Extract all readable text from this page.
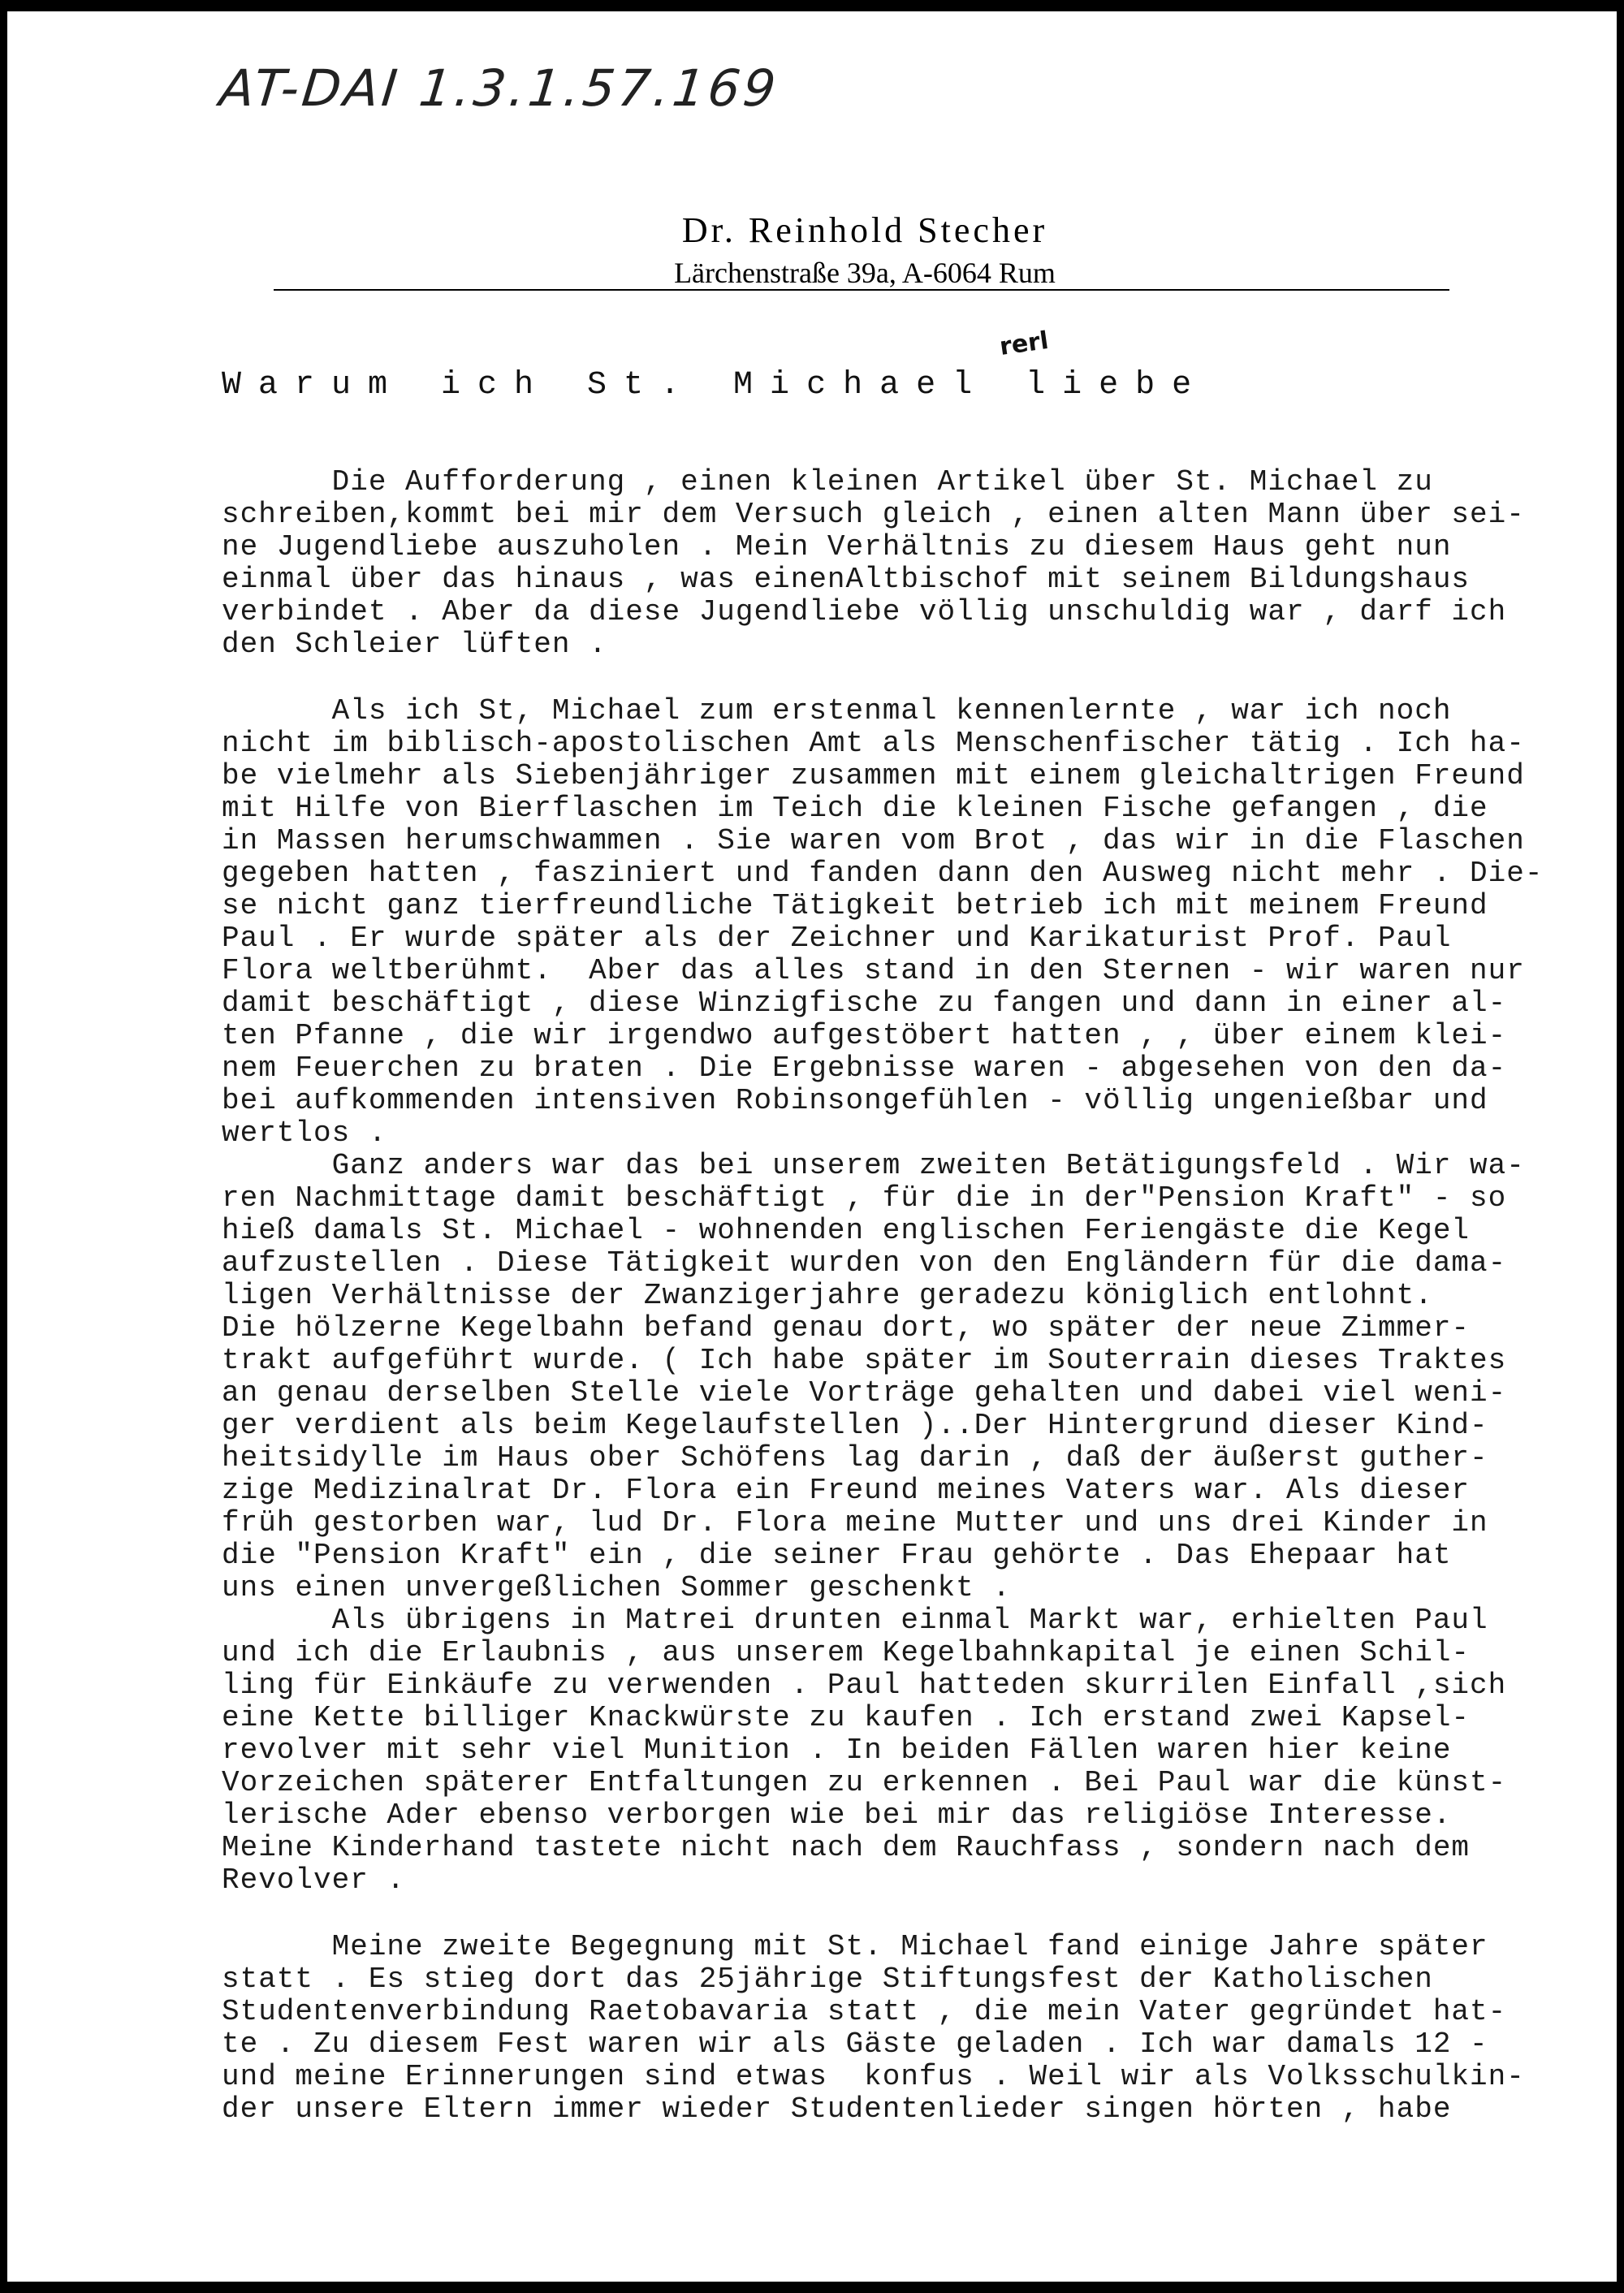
AT-DAI 1.3.1.57.169
Dr. Reinhold Stecher
Lärchenstraße 39a, A-6064 Rum
rerl
Warum ich St. Michael liebe
Die Aufforderung , einen kleinen Artikel über St. Michael zu
schreiben,kommt bei mir dem Versuch gleich , einen alten Mann über sei-
ne Jugendliebe auszuholen . Mein Verhältnis zu diesem Haus geht nun
einmal über das hinaus , was einenAltbischof mit seinem Bildungshaus
verbindet . Aber da diese Jugendliebe völlig unschuldig war , darf ich
den Schleier lüften .
Als ich St, Michael zum erstenmal kennenlernte , war ich noch
nicht im biblisch-apostolischen Amt als Menschenfischer tätig . Ich ha-
be vielmehr als Siebenjähriger zusammen mit einem gleichaltrigen Freund
mit Hilfe von Bierflaschen im Teich die kleinen Fische gefangen , die
in Massen herumschwammen . Sie waren vom Brot , das wir in die Flaschen
gegeben hatten , fasziniert und fanden dann den Ausweg nicht mehr . Die-
se nicht ganz tierfreundliche Tätigkeit betrieb ich mit meinem Freund
Paul . Er wurde später als der Zeichner und Karikaturist Prof. Paul
Flora weltberühmt.  Aber das alles stand in den Sternen - wir waren nur
damit beschäftigt , diese Winzigfische zu fangen und dann in einer al-
ten Pfanne , die wir irgendwo aufgestöbert hatten , , über einem klei-
nem Feuerchen zu braten . Die Ergebnisse waren - abgesehen von den da-
bei aufkommenden intensiven Robinsongefühlen - völlig ungenießbar und
wertlos .
Ganz anders war das bei unserem zweiten Betätigungsfeld . Wir wa-
ren Nachmittage damit beschäftigt , für die in der"Pension Kraft" - so
hieß damals St. Michael - wohnenden englischen Feriengäste die Kegel
aufzustellen . Diese Tätigkeit wurden von den Engländern für die dama-
ligen Verhältnisse der Zwanzigerjahre geradezu königlich entlohnt.
Die hölzerne Kegelbahn befand genau dort, wo später der neue Zimmer-
trakt aufgeführt wurde. ( Ich habe später im Souterrain dieses Traktes
an genau derselben Stelle viele Vorträge gehalten und dabei viel weni-
ger verdient als beim Kegelaufstellen )..Der Hintergrund dieser Kind-
heitsidylle im Haus ober Schöfens lag darin , daß der äußerst guther-
zige Medizinalrat Dr. Flora ein Freund meines Vaters war. Als dieser
früh gestorben war, lud Dr. Flora meine Mutter und uns drei Kinder in
die "Pension Kraft" ein , die seiner Frau gehörte . Das Ehepaar hat
uns einen unvergeßlichen Sommer geschenkt .
Als übrigens in Matrei drunten einmal Markt war, erhielten Paul
und ich die Erlaubnis , aus unserem Kegelbahnkapital je einen Schil-
ling für Einkäufe zu verwenden . Paul hatteden skurrilen Einfall ,sich
eine Kette billiger Knackwürste zu kaufen . Ich erstand zwei Kapsel-
revolver mit sehr viel Munition . In beiden Fällen waren hier keine
Vorzeichen späterer Entfaltungen zu erkennen . Bei Paul war die künst-
lerische Ader ebenso verborgen wie bei mir das religiöse Interesse.
Meine Kinderhand tastete nicht nach dem Rauchfass , sondern nach dem
Revolver .
Meine zweite Begegnung mit St. Michael fand einige Jahre später
statt . Es stieg dort das 25jährige Stiftungsfest der Katholischen
Studentenverbindung Raetobavaria statt , die mein Vater gegründet hat-
te . Zu diesem Fest waren wir als Gäste geladen . Ich war damals 12 -
und meine Erinnerungen sind etwas  konfus . Weil wir als Volksschulkin-
der unsere Eltern immer wieder Studentenlieder singen hörten , habe
